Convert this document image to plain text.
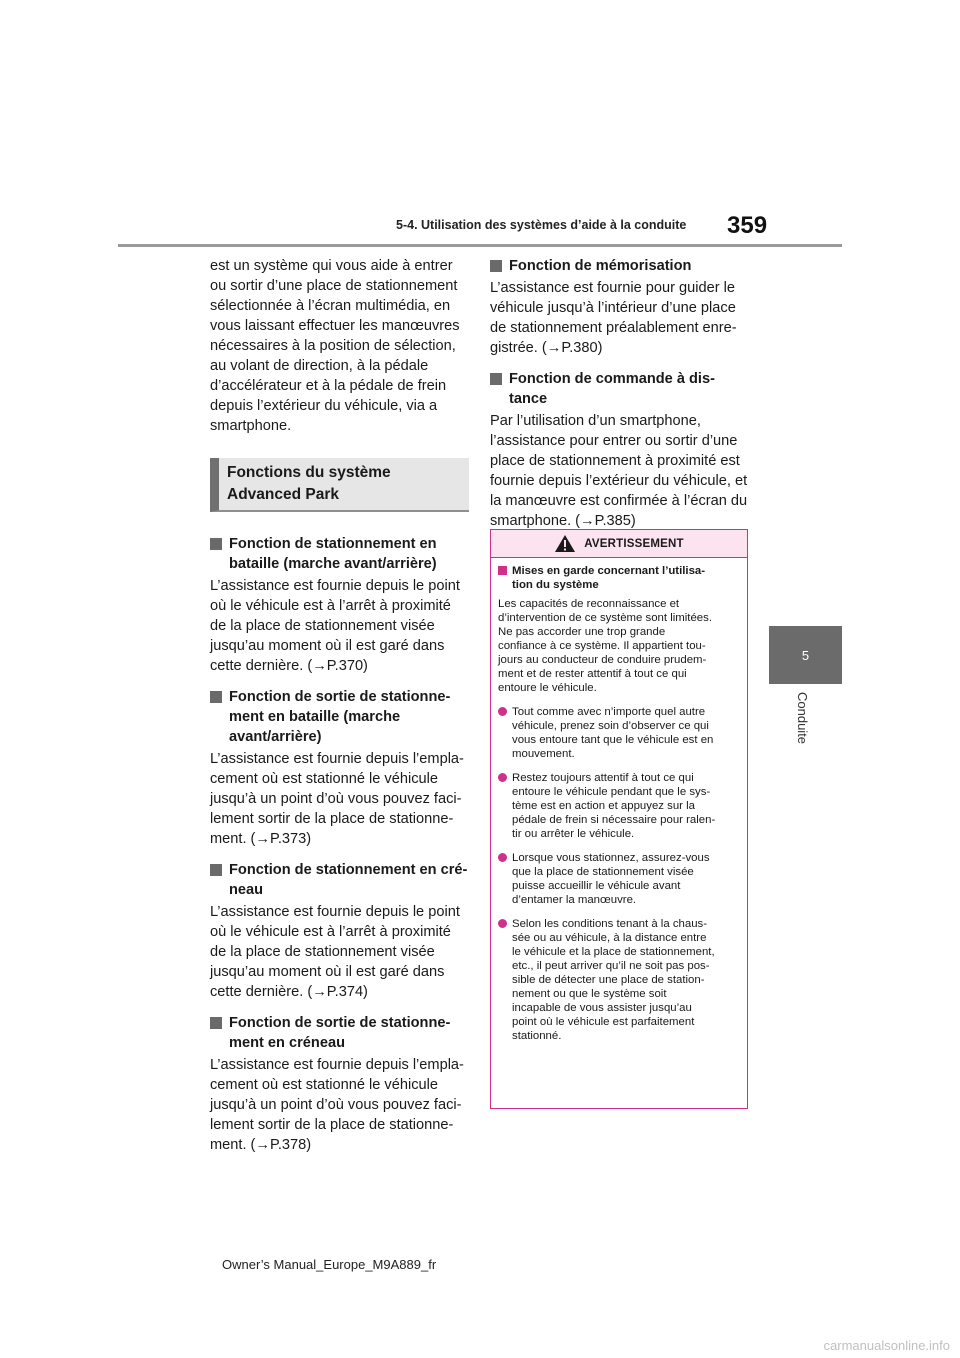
5-4. Utilisation des systèmes d’aide à la conduite	359
5
Conduite

est un système qui vous aide à entrer
ou sortir d’une place de stationnement
sélectionnée à l’écran multimédia, en
vous laissant effectuer les manœuvres
nécessaires à la position de sélection,
au volant de direction, à la pédale
d’accélérateur et à la pédale de frein
depuis l’extérieur du véhicule, via a
smartphone.

Fonctions du système
Advanced Park
Fonction de stationnement en
bataille (marche avant/arrière)

L’assistance est fournie depuis le point
où le véhicule est à l’arrêt à proximité
de la place de stationnement visée
jusqu’au moment où il est garé dans
cette dernière. (→P.370)

Fonction de sortie de stationne-
ment en bataille (marche
avant/arrière)

L’assistance est fournie depuis l’empla-
cement où est stationné le véhicule
jusqu’à un point d’où vous pouvez faci-
lement sortir de la place de stationne-
ment. (→P.373)

Fonction de stationnement en cré-
neau

L’assistance est fournie depuis le point
où le véhicule est à l’arrêt à proximité
de la place de stationnement visée
jusqu’au moment où il est garé dans
cette dernière. (→P.374)

Fonction de sortie de stationne-
ment en créneau

L’assistance est fournie depuis l’empla-
cement où est stationné le véhicule
jusqu’à un point d’où vous pouvez faci-
lement sortir de la place de stationne-
ment. (→P.378)

Fonction de mémorisation

L’assistance est fournie pour guider le
véhicule jusqu’à l’intérieur d’une place
de stationnement préalablement enre-
gistrée. (→P.380)

Fonction de commande à dis-
tance

Par l’utilisation d’un smartphone,
l’assistance pour entrer ou sortir d’une
place de stationnement à proximité est
fournie depuis l’extérieur du véhicule, et
la manœuvre est confirmée à l’écran du
smartphone. (→P.385)

AVERTISSEMENT
Mises en garde concernant l’utilisa-
tion du système

Les capacités de reconnaissance et
d’intervention de ce système sont limitées.
Ne pas accorder une trop grande
confiance à ce système. Il appartient tou-
jours au conducteur de conduire prudem-
ment et de rester attentif à tout ce qui
entoure le véhicule.

Tout comme avec n’importe quel autre
véhicule, prenez soin d’observer ce qui
vous entoure tant que le véhicule est en
mouvement.
Restez toujours attentif à tout ce qui
entoure le véhicule pendant que le sys-
tème est en action et appuyez sur la
pédale de frein si nécessaire pour ralen-
tir ou arrêter le véhicule.
Lorsque vous stationnez, assurez-vous
que la place de stationnement visée
puisse accueillir le véhicule avant
d’entamer la manœuvre.
Selon les conditions tenant à la chaus-
sée ou au véhicule, à la distance entre
le véhicule et la place de stationnement,
etc., il peut arriver qu’il ne soit pas pos-
sible de détecter une place de station-
nement ou que le système soit
incapable de vous assister jusqu’au
point où le véhicule est parfaitement
stationné.
Owner’s Manual_Europe_M9A889_fr
carmanualsonline.info
